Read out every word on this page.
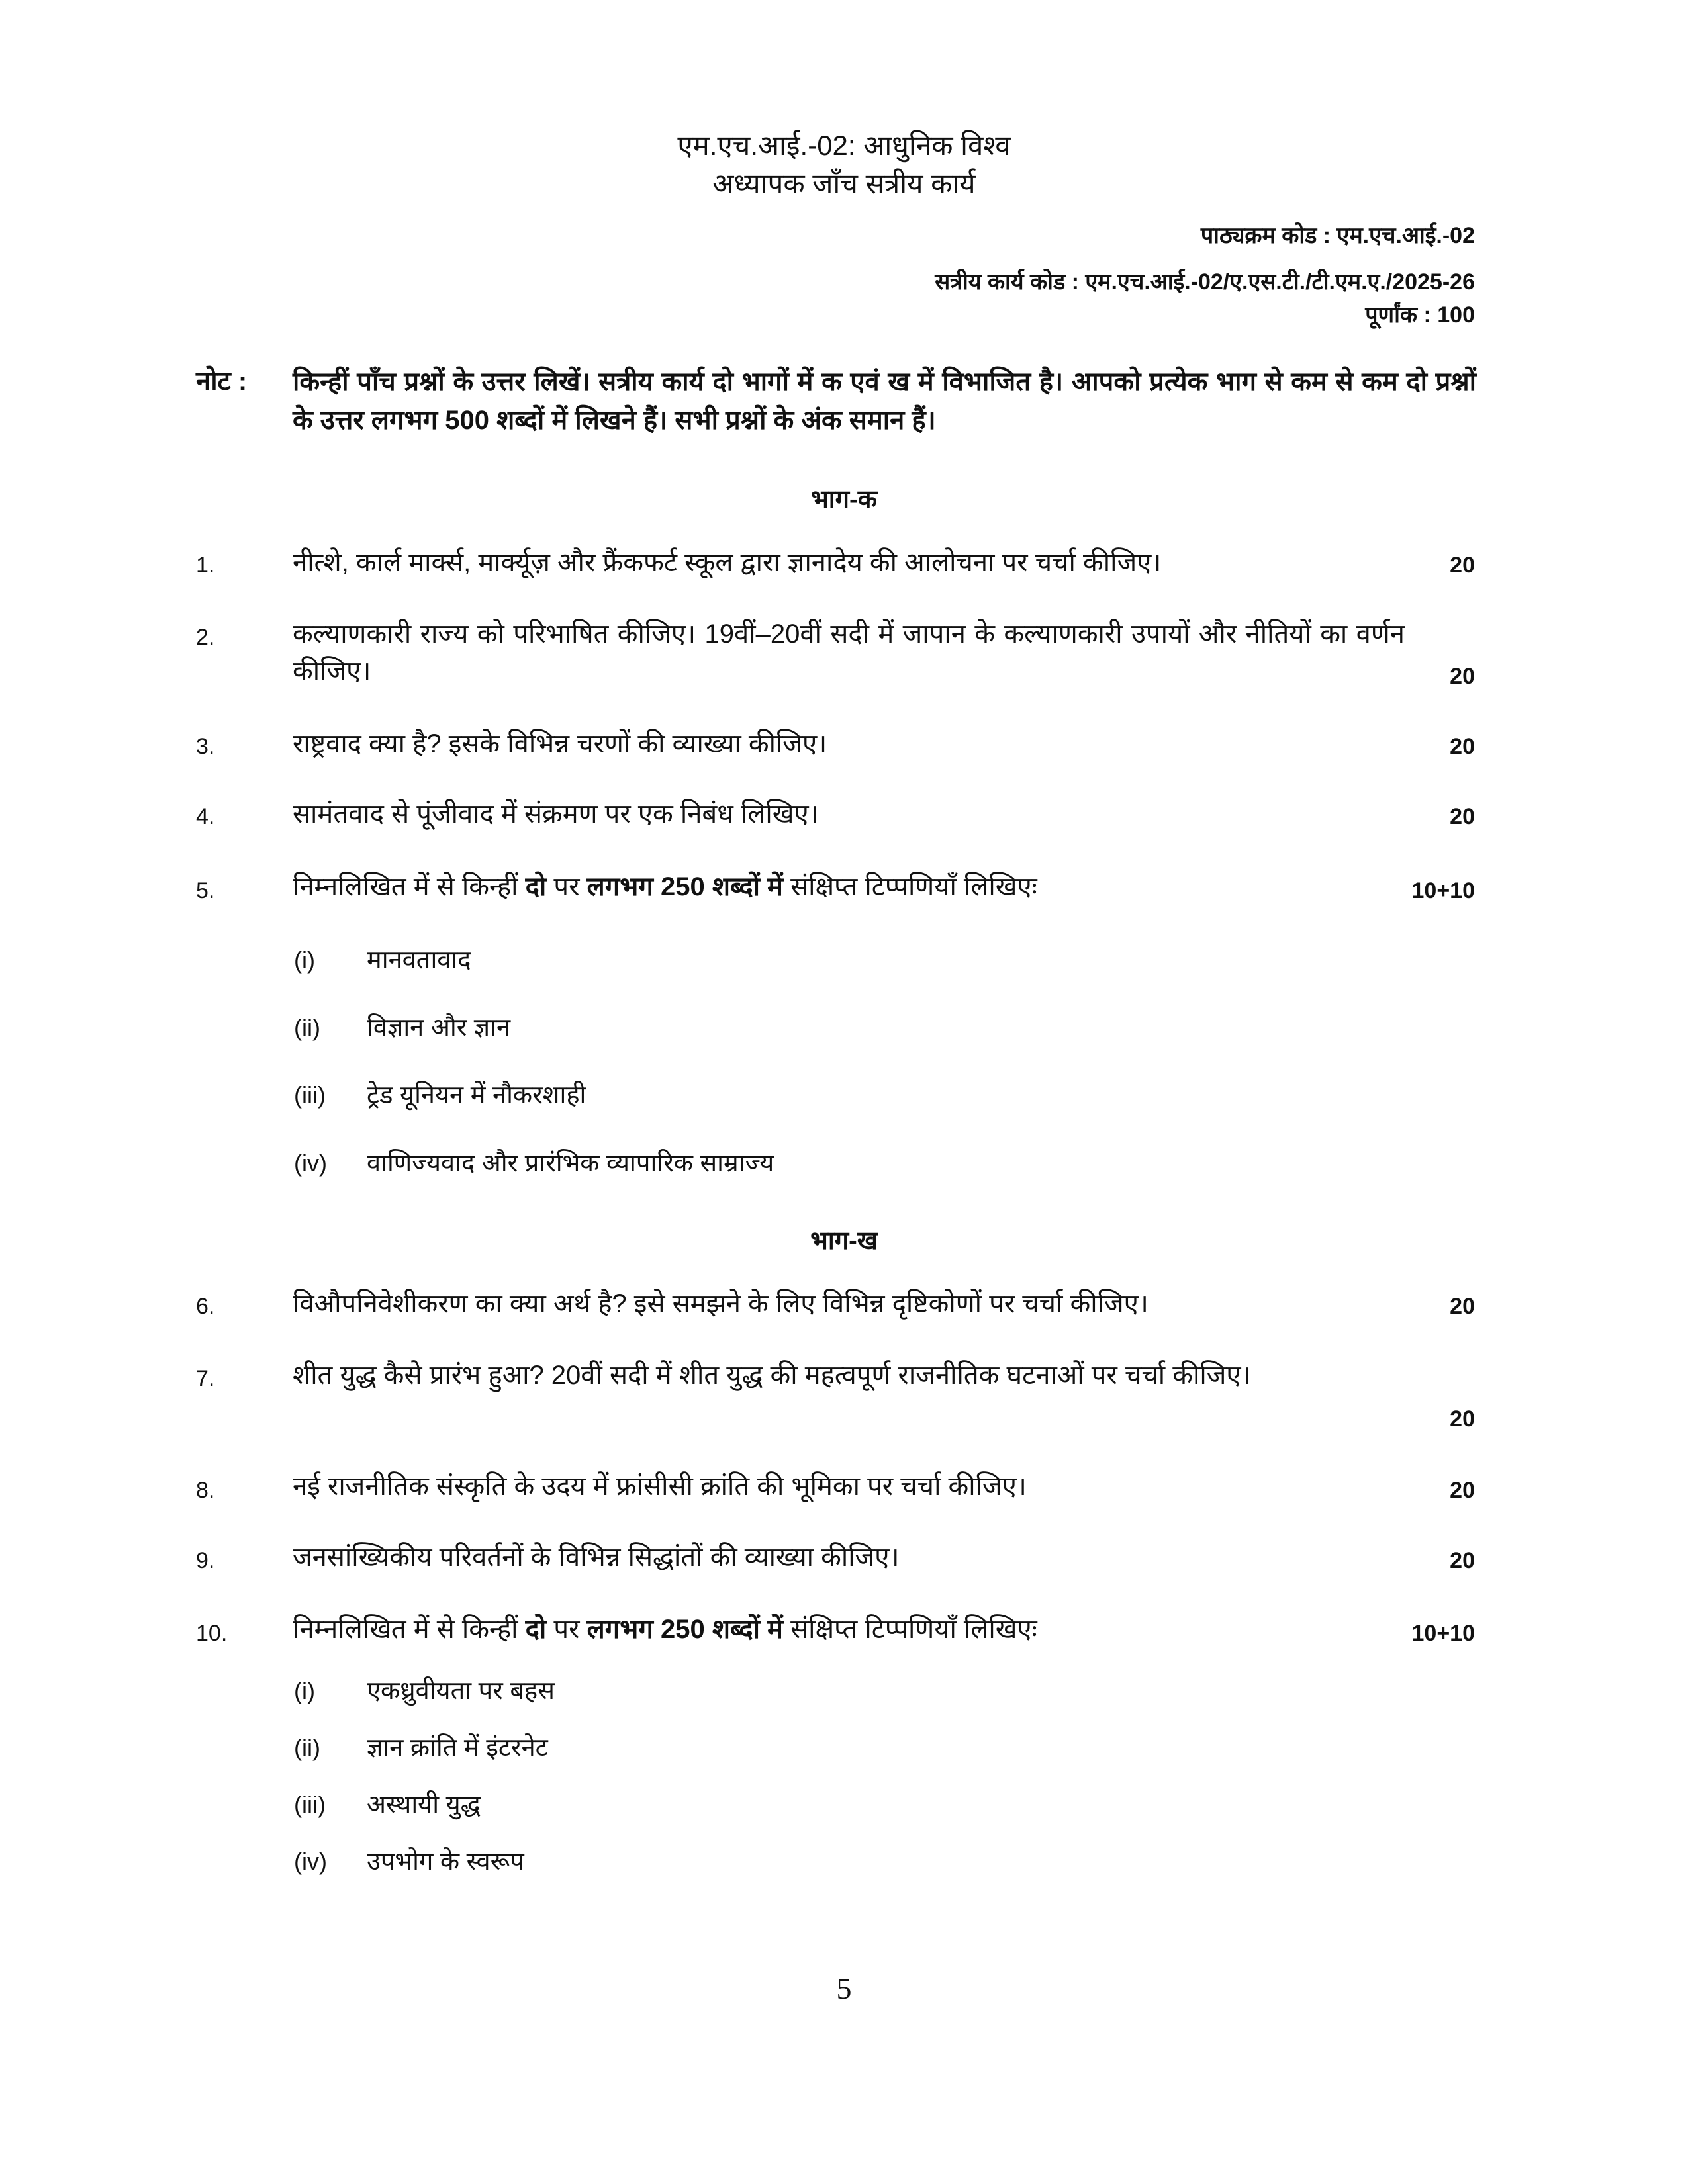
एम.एच.आई.-02: आधुनिक विश्व
अध्यापक जाँच सत्रीय कार्य
पाठ्यक्रम कोड : एम.एच.आई.-02
सत्रीय कार्य कोड : एम.एच.आई.-02/ए.एस.टी./टी.एम.ए./2025-26
पूर्णांक : 100
नोट : किन्हीं पाँच प्रश्नों के उत्तर लिखें। सत्रीय कार्य दो भागों में क एवं ख में विभाजित है। आपको प्रत्येक भाग से कम से कम दो प्रश्नों के उत्तर लगभग 500 शब्दों में लिखने हैं। सभी प्रश्नों के अंक समान हैं।
भाग-क
1.	नीत्शे, कार्ल मार्क्स, मार्क्यूज़ और फ्रैंकफर्ट स्कूल द्वारा ज्ञानादेय की आलोचना पर चर्चा कीजिए।	20
2.	कल्याणकारी राज्य को परिभाषित कीजिए। 19वीं–20वीं सदी में जापान के कल्याणकारी उपायों और नीतियों का वर्णन कीजिए।	20
3.	राष्ट्रवाद क्या है? इसके विभिन्न चरणों की व्याख्या कीजिए।	20
4.	सामंतवाद से पूंजीवाद में संक्रमण पर एक निबंध लिखिए।	20
5.	निम्नलिखित में से किन्हीं दो पर लगभग 250 शब्दों में संक्षिप्त टिप्पणियाँ लिखिएः	10+10
(i) मानवतावाद
(ii) विज्ञान और ज्ञान
(iii) ट्रेड यूनियन में नौकरशाही
(iv) वाणिज्यवाद और प्रारंभिक व्यापारिक साम्राज्य
भाग-ख
6.	विऔपनिवेशीकरण का क्या अर्थ है? इसे समझने के लिए विभिन्न दृष्टिकोणों पर चर्चा कीजिए।	20
7.	शीत युद्ध कैसे प्रारंभ हुआ? 20वीं सदी में शीत युद्ध की महत्वपूर्ण राजनीतिक घटनाओं पर चर्चा कीजिए।
20
8.	नई राजनीतिक संस्कृति के उदय में फ्रांसीसी क्रांति की भूमिका पर चर्चा कीजिए।	20
9.	जनसांख्यिकीय परिवर्तनों के विभिन्न सिद्धांतों की व्याख्या कीजिए।	20
10. निम्नलिखित में से किन्हीं दो पर लगभग 250 शब्दों में संक्षिप्त टिप्पणियाँ लिखिएः	10+10
(i) एकध्रुवीयता पर बहस
(ii) ज्ञान क्रांति में इंटरनेट
(iii) अस्थायी युद्ध
(iv) उपभोग के स्वरूप
5
